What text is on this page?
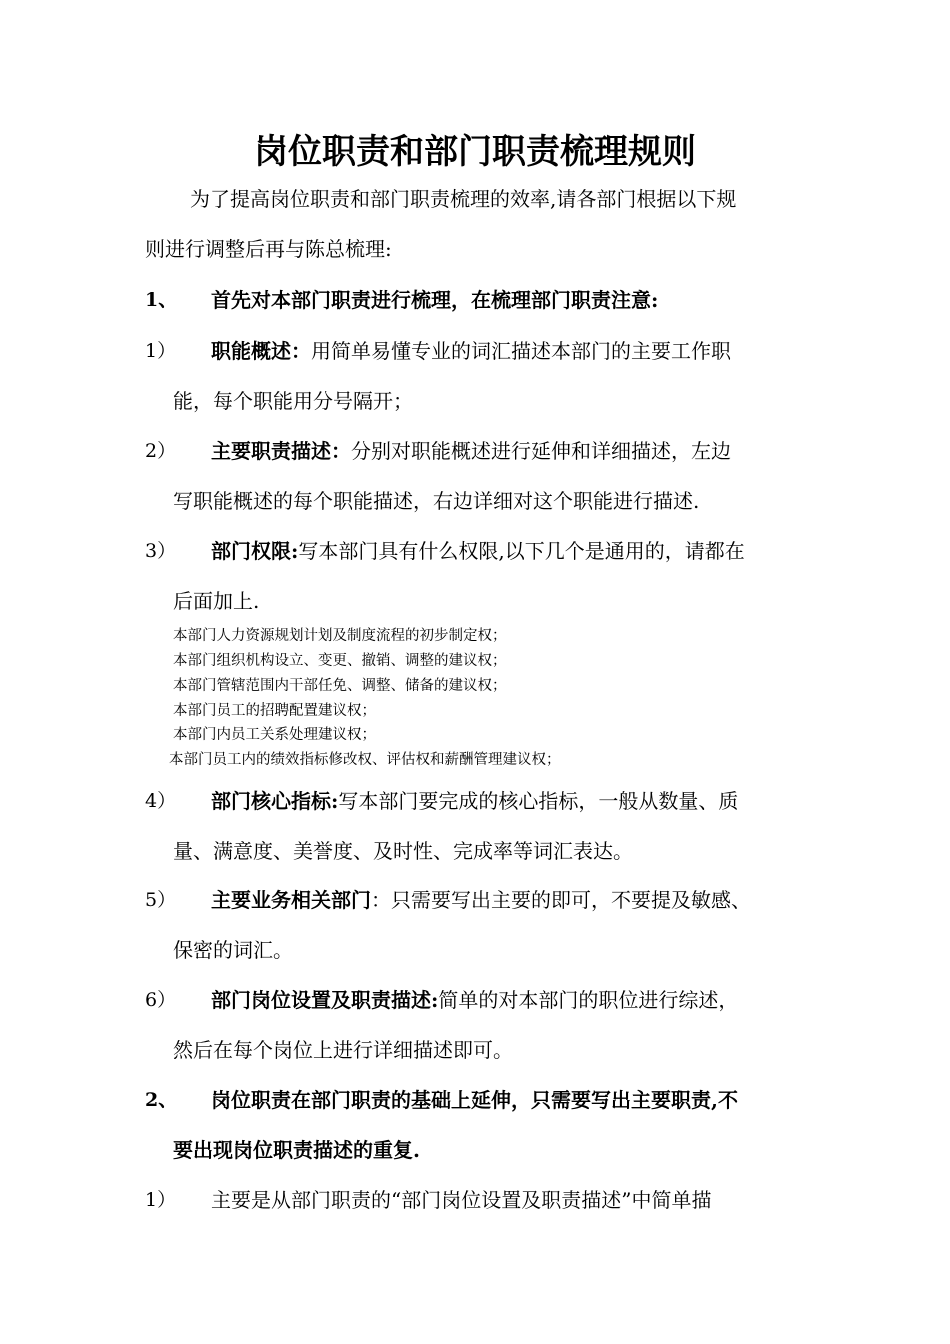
岗位职责和部门职责梳理规则
为了提高岗位职责和部门职责梳理的效率,请各部门根据以下规
则进行调整后再与陈总梳理:
1、 首先对本部门职责进行梳理，在梳理部门职责注意:
1） 职能概述：用简单易懂专业的词汇描述本部门的主要工作职
能，每个职能用分号隔开；
2） 主要职责描述：分别对职能概述进行延伸和详细描述，左边
写职能概述的每个职能描述，右边详细对这个职能进行描述.
3） 部门权限:写本部门具有什么权限,以下几个是通用的，请都在
后面加上.
本部门人力资源规划计划及制度流程的初步制定权；
本部门组织机构设立、变更、撤销、调整的建议权；
本部门管辖范围内干部任免、调整、储备的建议权；
本部门员工的招聘配置建议权；
本部门内员工关系处理建议权；
本部门员工内的绩效指标修改权、评估权和薪酬管理建议权；
4） 部门核心指标:写本部门要完成的核心指标，一般从数量、质
量、满意度、美誉度、及时性、完成率等词汇表达。
5） 主要业务相关部门：只需要写出主要的即可，不要提及敏感、
保密的词汇。
6） 部门岗位设置及职责描述:简单的对本部门的职位进行综述，
然后在每个岗位上进行详细描述即可。
2、 岗位职责在部门职责的基础上延伸，只需要写出主要职责,不
要出现岗位职责描述的重复.
1） 主要是从部门职责的“部门岗位设置及职责描述”中简单描
